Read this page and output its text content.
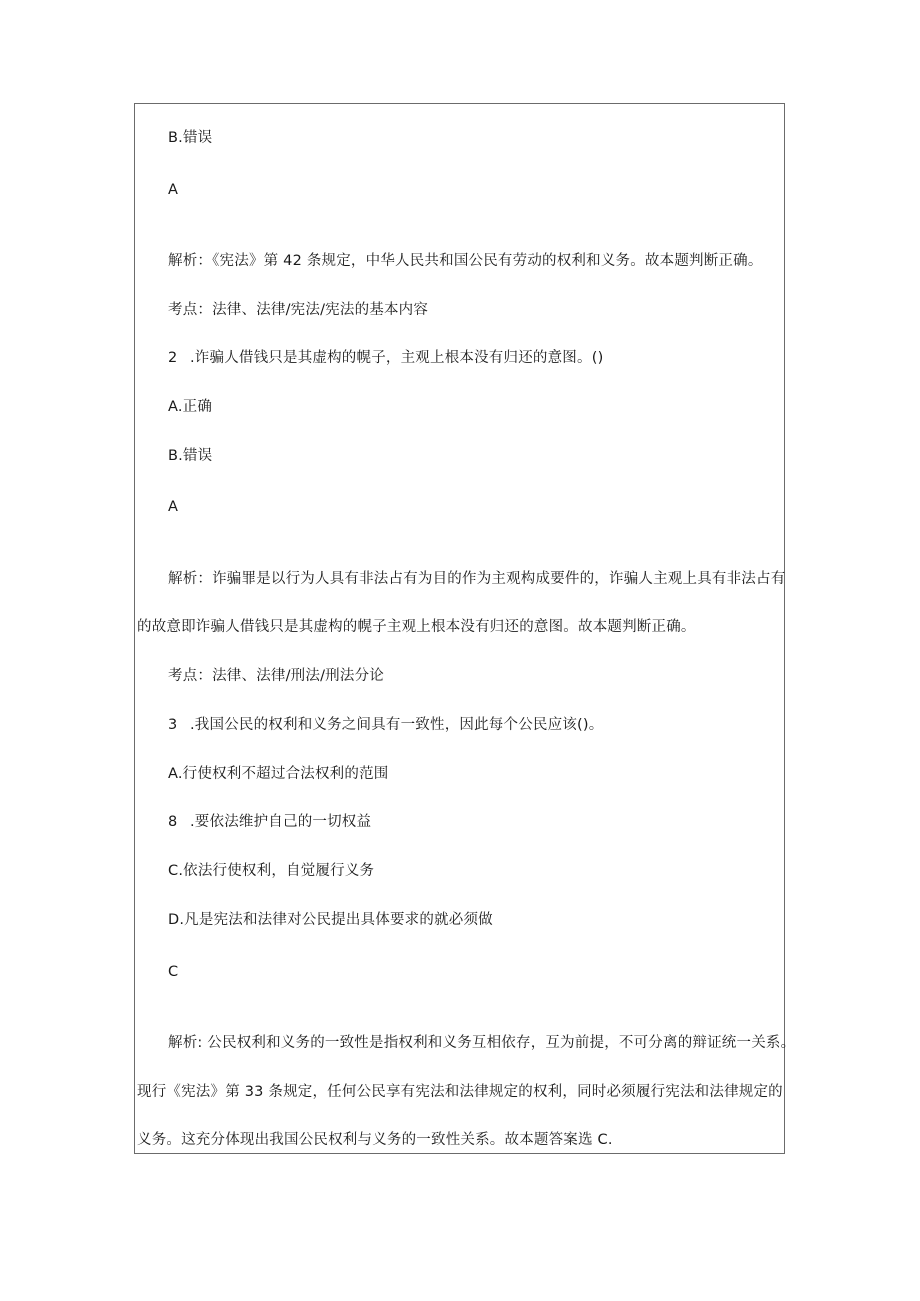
B.错误
A
解析：《宪法》第 42 条规定，中华人民共和国公民有劳动的权利和义务。故本题判断正确。
考点：法律、法律/宪法/宪法的基本内容
2 .诈骗人借钱只是其虚构的幌子，主观上根本没有归还的意图。()
A.正确
B.错误
A
解析：诈骗罪是以行为人具有非法占有为目的作为主观构成要件的，诈骗人主观上具有非法占有
的故意即诈骗人借钱只是其虚构的幌子主观上根本没有归还的意图。故本题判断正确。
考点：法律、法律/刑法/刑法分论
3 .我国公民的权利和义务之间具有一致性，因此每个公民应该()。
A.行使权利不超过合法权利的范围
8 .要依法维护自己的一切权益
C.依法行使权利，自觉履行义务
D.凡是宪法和法律对公民提出具体要求的就必须做
C
解析: 公民权利和义务的一致性是指权利和义务互相依存，互为前提，不可分离的辩证统一关系。
现行《宪法》第 33 条规定，任何公民享有宪法和法律规定的权利，同时必须履行宪法和法律规定的
义务。这充分体现出我国公民权利与义务的一致性关系。故本题答案选 C.
